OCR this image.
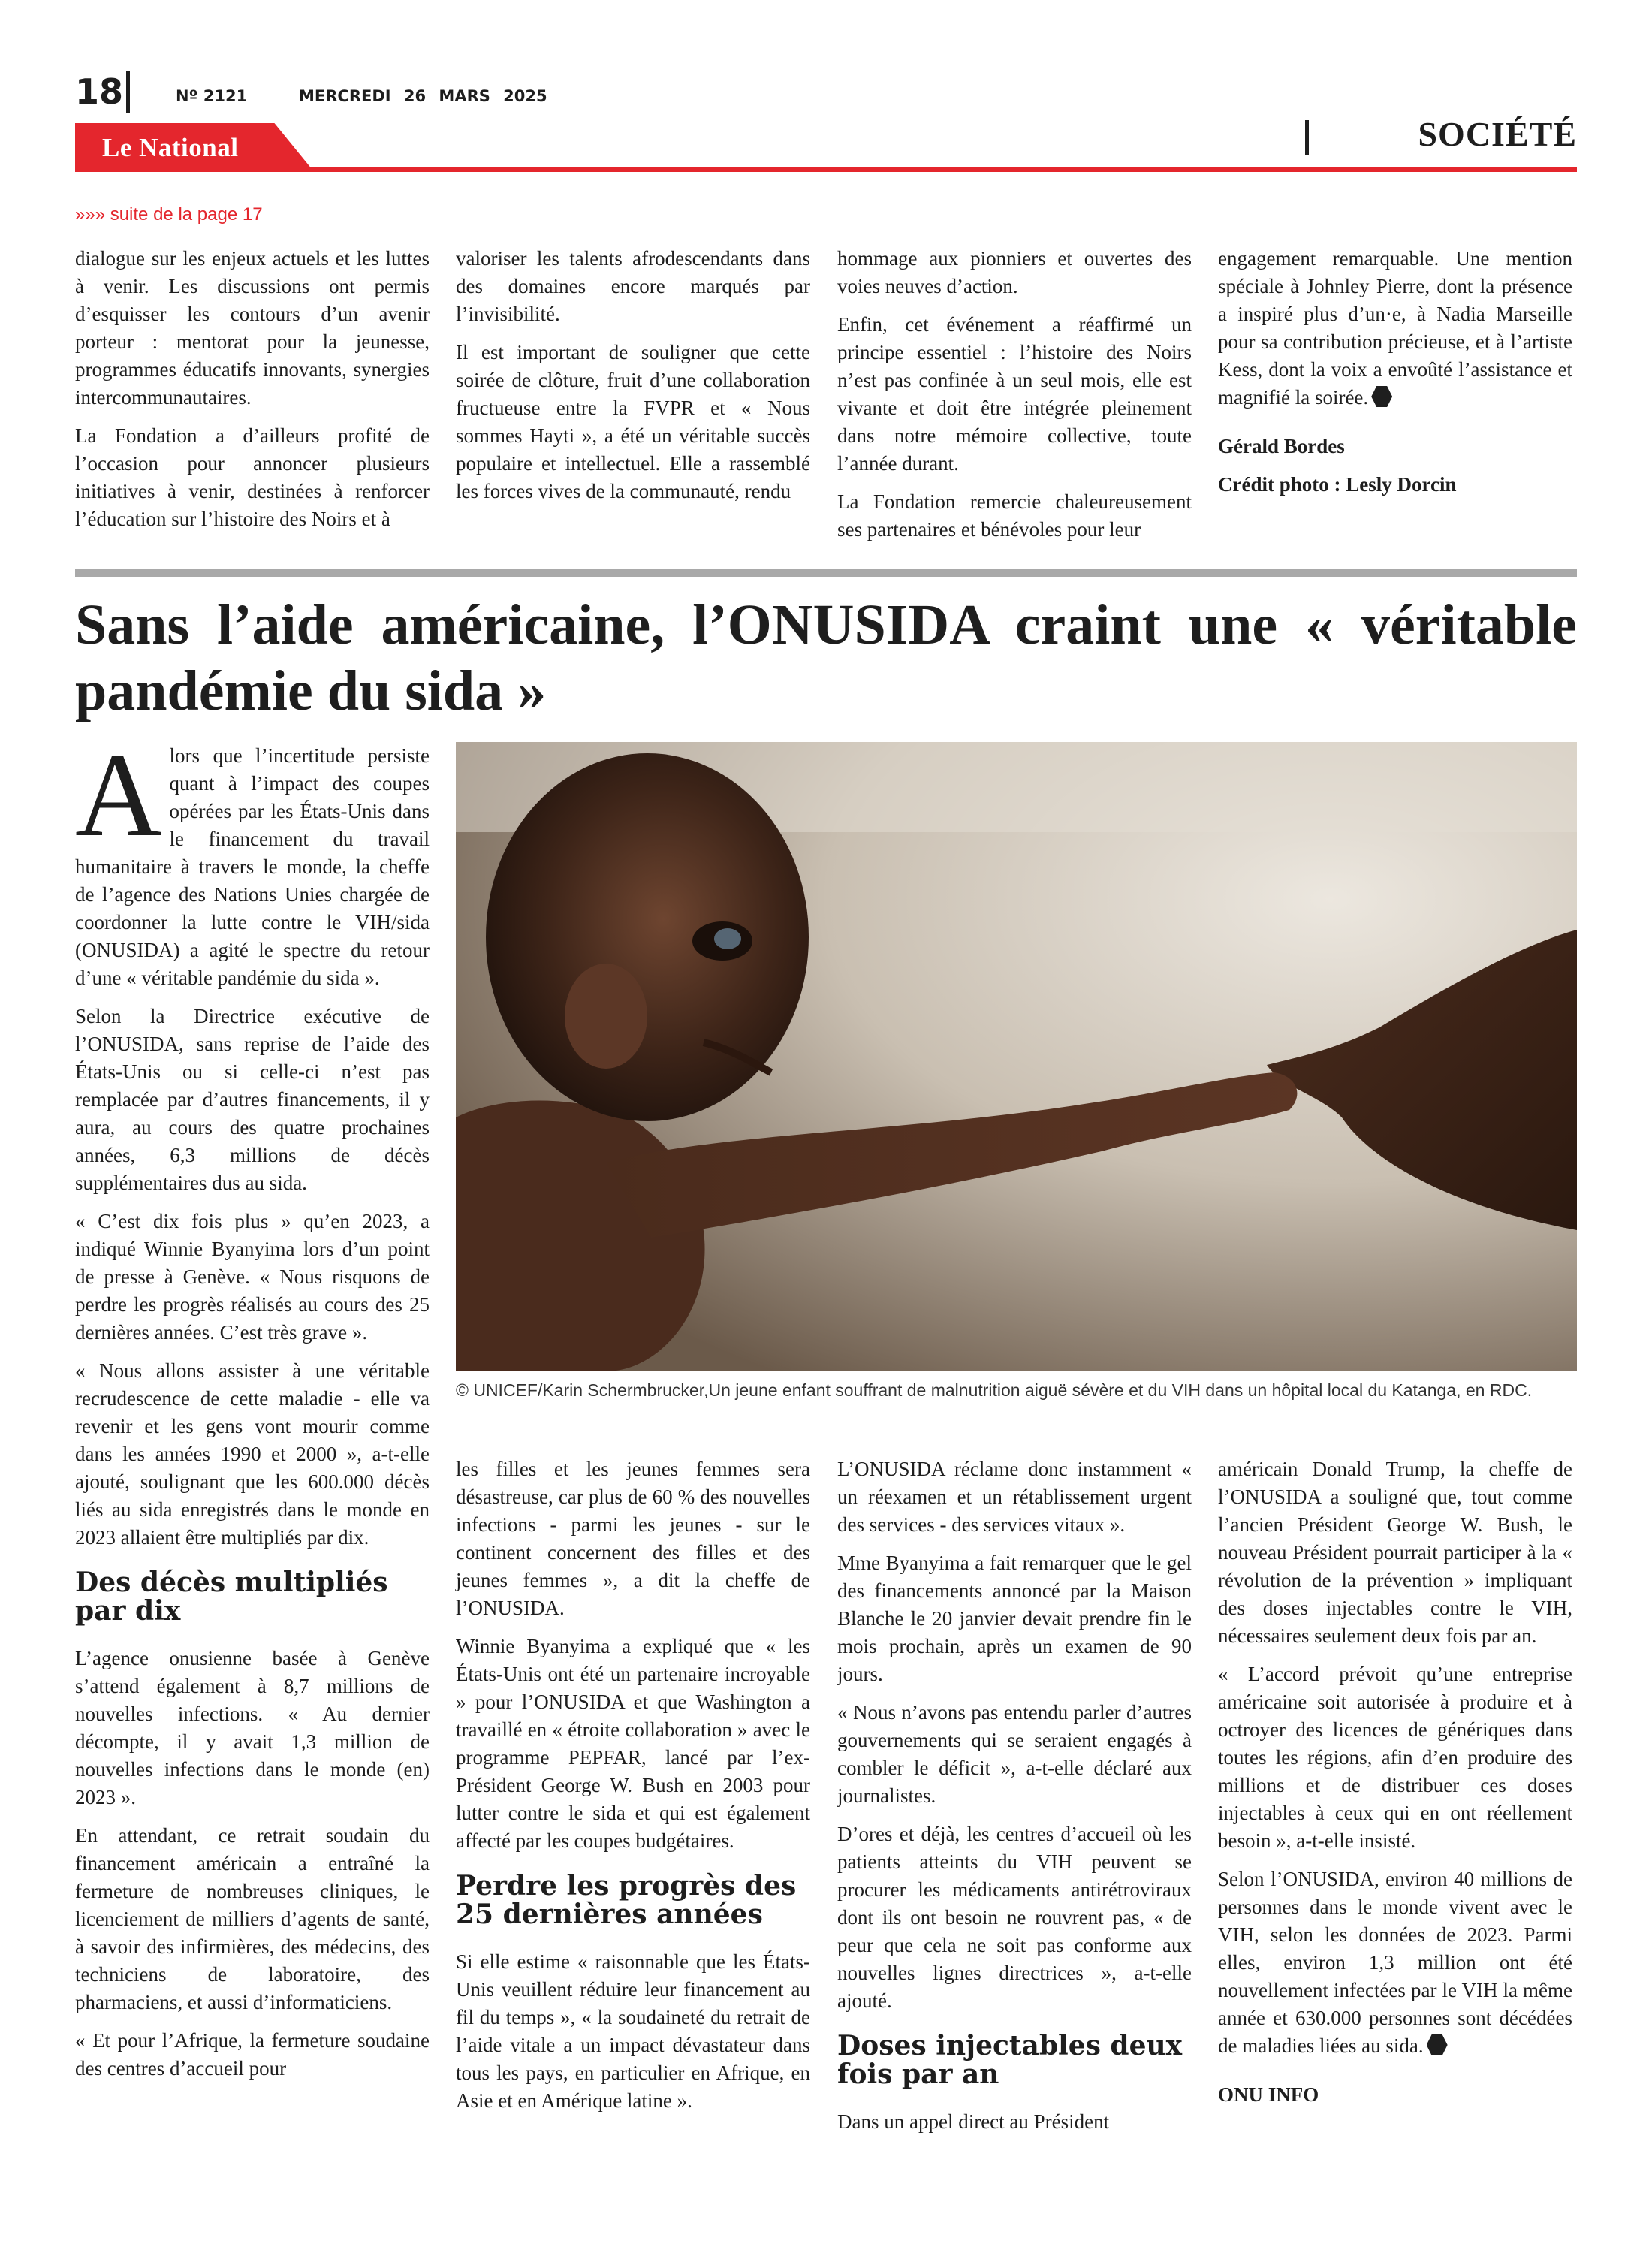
18	Nº 2121	MERCREDI 26 MARS 2025
Le National	SOCIÉTÉ
»»» suite de la page 17

dialogue sur les enjeux actuels et les luttes à venir. Les discussions ont permis d’esquisser les contours d’un avenir porteur : mentorat pour la jeunesse, programmes éducatifs innovants, synergies intercommunautaires.

La Fondation a d’ailleurs profité de l’occasion pour annoncer plusieurs initiatives à venir, destinées à renforcer l’éducation sur l’histoire des Noirs et à

valoriser les talents afrodescendants dans des domaines encore marqués par l’invisibilité.

Il est important de souligner que cette soirée de clôture, fruit d’une collaboration fructueuse entre la FVPR et « Nous sommes Hayti », a été un véritable succès populaire et intellectuel. Elle a rassemblé les forces vives de la communauté, rendu

hommage aux pionniers et ouvertes des voies neuves d’action.

Enfin, cet événement a réaffirmé un principe essentiel : l’histoire des Noirs n’est pas confinée à un seul mois, elle est vivante et doit être intégrée pleinement dans notre mémoire collective, toute l’année durant.

La Fondation remercie chaleureusement ses partenaires et bénévoles pour leur

engagement remarquable. Une mention spéciale à Johnley Pierre, dont la présence a inspiré plus d’un·e, à Nadia Marseille pour sa contribution précieuse, et à l’artiste Kess, dont la voix a envoûté l’assistance et magnifié la soirée.

Gérald Bordes

Crédit photo : Lesly Dorcin

Sans l’aide américaine, l’ONUSIDA craint une « véritable pandémie du sida »

Alors que l’incertitude persiste quant à l’impact des coupes opérées par les États-Unis dans le financement du travail humanitaire à travers le monde, la cheffe de l’agence des Nations Unies chargée de coordonner la lutte contre le VIH/sida (ONUSIDA) a agité le spectre du retour d’une « véritable pandémie du sida ».

Selon la Directrice exécutive de l’ONUSIDA, sans reprise de l’aide des États-Unis ou si celle-ci n’est pas remplacée par d’autres financements, il y aura, au cours des quatre prochaines années, 6,3 millions de décès supplémentaires dus au sida.

« C’est dix fois plus » qu’en 2023, a indiqué Winnie Byanyima lors d’un point de presse à Genève. « Nous risquons de perdre les progrès réalisés au cours des 25 dernières années. C’est très grave ».

« Nous allons assister à une véritable recrudescence de cette maladie - elle va revenir et les gens vont mourir comme dans les années 1990 et 2000 », a-t-elle ajouté, soulignant que les 600.000 décès liés au sida enregistrés dans le monde en 2023 allaient être multipliés par dix.

Des décès multipliés par dix

L’agence onusienne basée à Genève s’attend également à 8,7 millions de nouvelles infections. « Au dernier décompte, il y avait 1,3 million de nouvelles infections dans le monde (en) 2023 ».

En attendant, ce retrait soudain du financement américain a entraîné la fermeture de nombreuses cliniques, le licenciement de milliers d’agents de santé, à savoir des infirmières, des médecins, des techniciens de laboratoire, des pharmaciens, et aussi d’informaticiens.

« Et pour l’Afrique, la fermeture soudaine des centres d’accueil pour

© UNICEF/Karin Schermbrucker,Un jeune enfant souffrant de malnutrition aiguë sévère et du VIH dans un hôpital local du Katanga, en RDC.

les filles et les jeunes femmes sera désastreuse, car plus de 60 % des nouvelles infections - parmi les jeunes - sur le continent concernent des filles et des jeunes femmes », a dit la cheffe de l’ONUSIDA.

Winnie Byanyima a expliqué que « les États-Unis ont été un partenaire incroyable » pour l’ONUSIDA et que Washington a travaillé en « étroite collaboration » avec le programme PEPFAR, lancé par l’ex-Président George W. Bush en 2003 pour lutter contre le sida et qui est également affecté par les coupes budgétaires.

Perdre les progrès des 25 dernières années

Si elle estime « raisonnable que les États-Unis veuillent réduire leur financement au fil du temps », « la soudaineté du retrait de l’aide vitale a un impact dévastateur dans tous les pays, en particulier en Afrique, en Asie et en Amérique latine ».

L’ONUSIDA réclame donc instamment « un réexamen et un rétablissement urgent des services - des services vitaux ».

Mme Byanyima a fait remarquer que le gel des financements annoncé par la Maison Blanche le 20 janvier devait prendre fin le mois prochain, après un examen de 90 jours.

« Nous n’avons pas entendu parler d’autres gouvernements qui se seraient engagés à combler le déficit », a-t-elle déclaré aux journalistes.

D’ores et déjà, les centres d’accueil où les patients atteints du VIH peuvent se procurer les médicaments antirétroviraux dont ils ont besoin ne rouvrent pas, « de peur que cela ne soit pas conforme aux nouvelles lignes directrices », a-t-elle ajouté.

Doses injectables deux fois par an

Dans un appel direct au Président

américain Donald Trump, la cheffe de l’ONUSIDA a souligné que, tout comme l’ancien Président George W. Bush, le nouveau Président pourrait participer à la « révolution de la prévention » impliquant des doses injectables contre le VIH, nécessaires seulement deux fois par an.

« L’accord prévoit qu’une entreprise américaine soit autorisée à produire et à octroyer des licences de génériques dans toutes les régions, afin d’en produire des millions et de distribuer ces doses injectables à ceux qui en ont réellement besoin », a-t-elle insisté.

Selon l’ONUSIDA, environ 40 millions de personnes dans le monde vivent avec le VIH, selon les données de 2023. Parmi elles, environ 1,3 million ont été nouvellement infectées par le VIH la même année et 630.000 personnes sont décédées de maladies liées au sida.

ONU INFO
